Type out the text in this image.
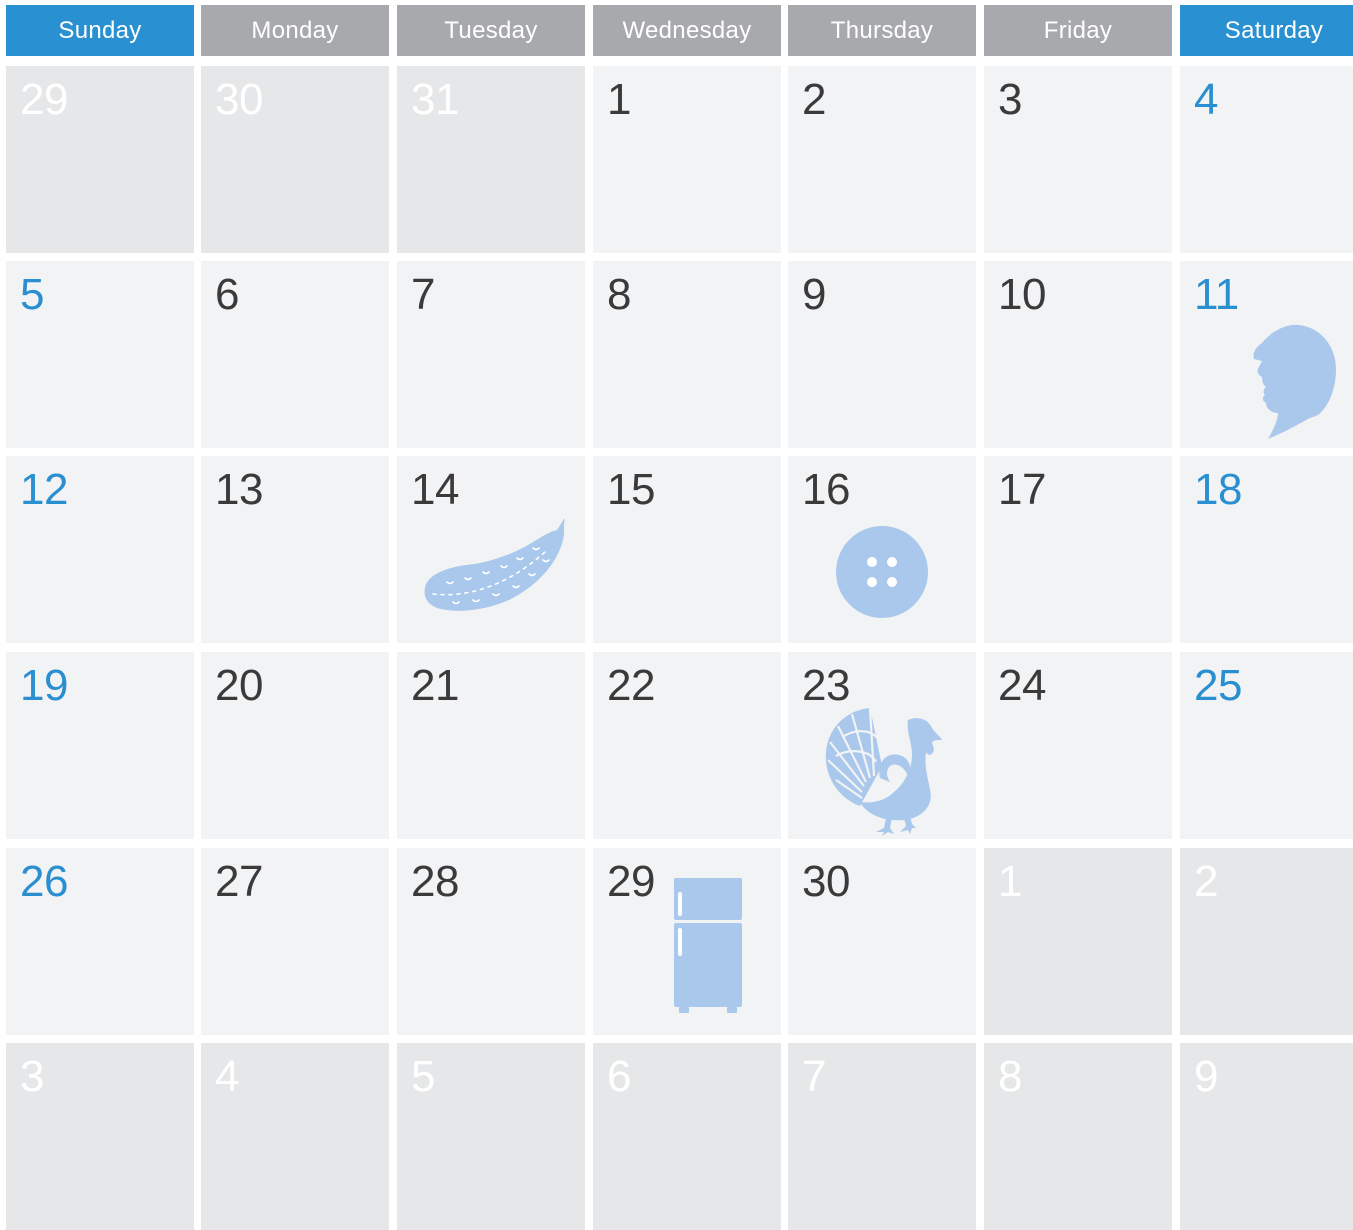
Sunday	Monday	Tuesday	Wednesday	Thursday	Friday	Saturday
29	30	31	1	2	3	4
5	6	7	8	9	10	11
12	13	14	15	16	17	18
19	20	21	22	23	24	25
26	27	28	29	30	1	2
3	4	5	6	7	8	9
